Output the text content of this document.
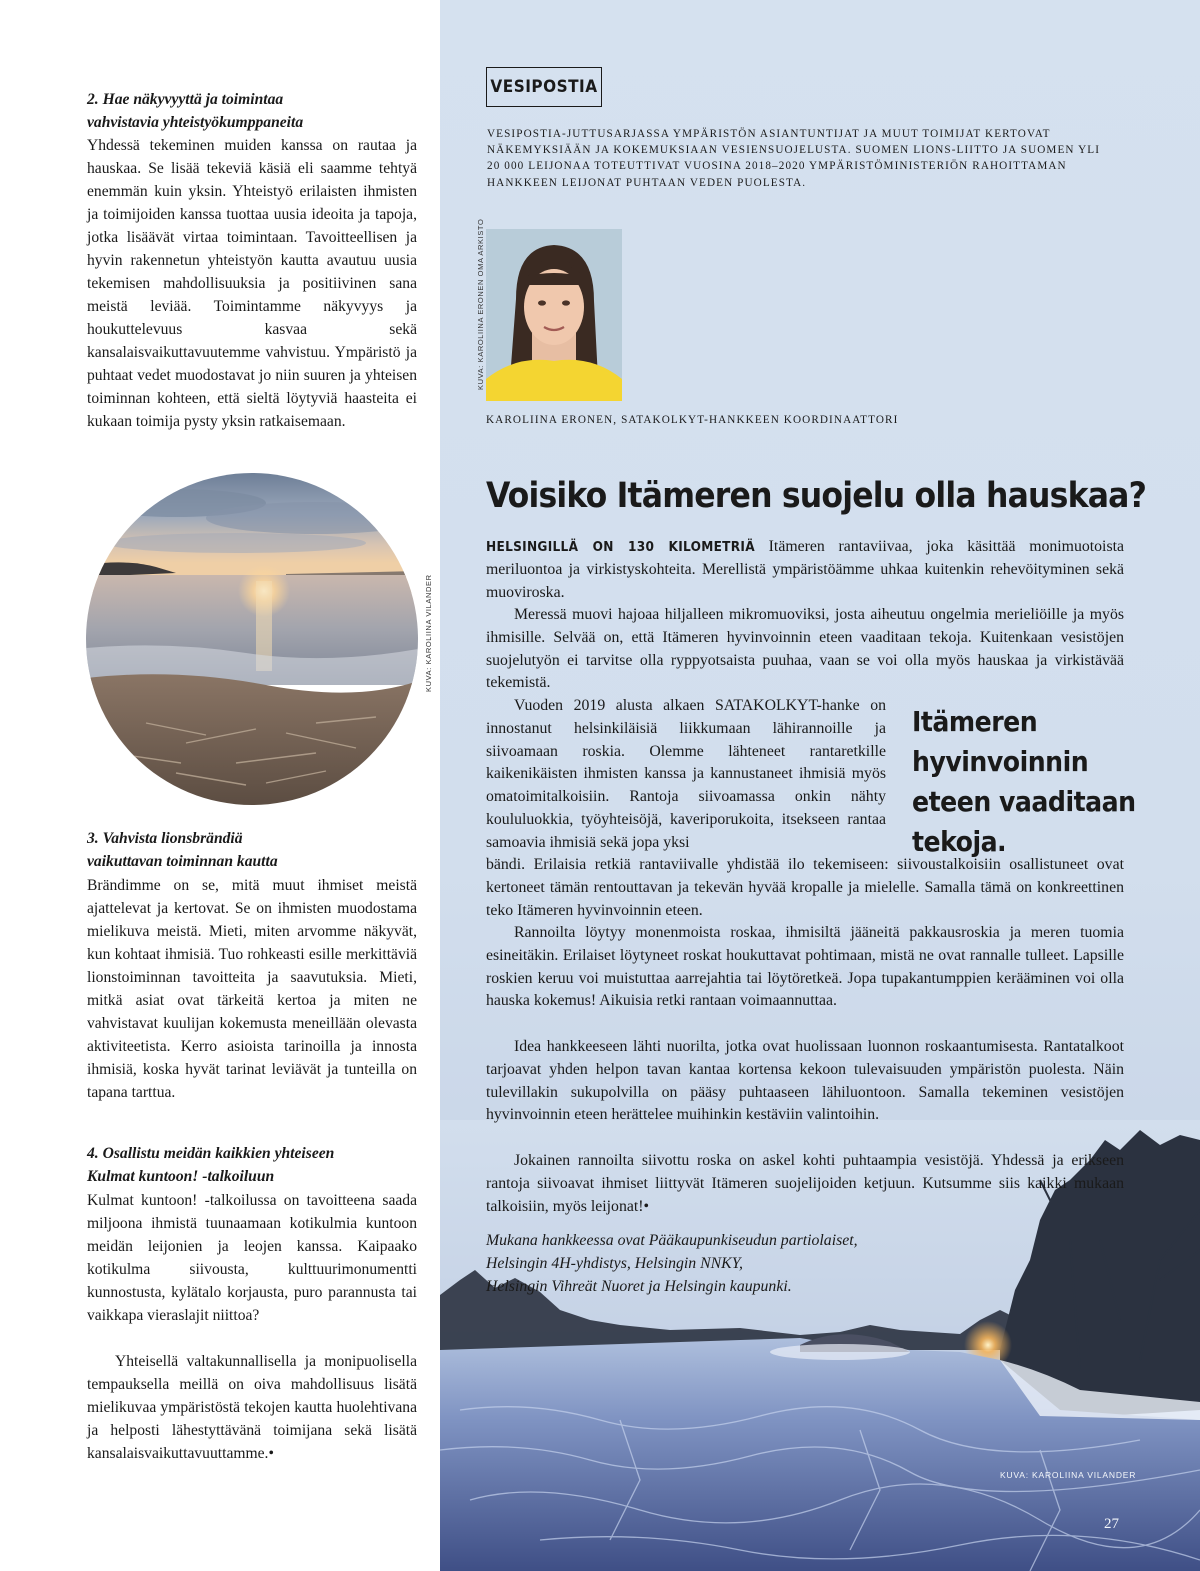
2. Hae näkyvyyttä ja toimintaa
vahvistavia yhteistyökumppaneita

Yhdessä tekeminen muiden kanssa on rautaa ja hauskaa. Se lisää tekeviä käsiä eli saamme tehtyä enemmän kuin yksin. Yhteistyö erilaisten ihmisten ja toimijoiden kanssa tuottaa uusia ideoita ja tapoja, jotka lisäävät virtaa toimintaan. Tavoitteellisen ja hyvin rakennetun yhteistyön kautta avautuu uusia tekemisen mahdollisuuksia ja positiivinen sana meistä leviää. Toimintamme näkyvyys ja houkuttelevuus kasvaa sekä kansalaisvaikuttavuutemme vahvistuu. Ympäristö ja puhtaat vedet muodostavat jo niin suuren ja yhteisen toiminnan kohteen, että sieltä löytyviä haasteita ei kukaan toimija pysty yksin ratkaisemaan.

KUVA: KAROLIINA VILANDER

3. Vahvista lionsbrändiä
vaikuttavan toiminnan kautta

Brändimme on se, mitä muut ihmiset meistä ajattelevat ja kertovat. Se on ihmisten muodostama mielikuva meistä. Mieti, miten arvomme näkyvät, kun kohtaat ihmisiä. Tuo rohkeasti esille merkittäviä lionstoiminnan tavoitteita ja saavutuksia. Mieti, mitkä asiat ovat tärkeitä kertoa ja miten ne vahvistavat kuulijan kokemusta meneillään olevasta aktiviteetista. Kerro asioista tarinoilla ja innosta ihmisiä, koska hyvät tarinat leviävät ja tunteilla on tapana tarttua.

4. Osallistu meidän kaikkien yhteiseen
Kulmat kuntoon! -talkoiluun

Kulmat kuntoon! -talkoilussa on tavoitteena saada miljoona ihmistä tuunaamaan kotikulmia kuntoon meidän leijonien ja leojen kanssa. Kaipaako kotikulma siivousta, kulttuurimonumentti kunnostusta, kylätalo korjausta, puro parannusta tai vaikkapa vieraslajit niittoa?

Yhteisellä valtakunnallisella ja monipuolisella tempauksella meillä on oiva mahdollisuus lisätä mielikuvaa ympäristöstä tekojen kautta huolehtivana ja helposti lähestyttävänä toimijana sekä lisätä kansalaisvaikuttavuuttamme.•

VESIPOSTIA

VESIPOSTIA-JUTTUSARJASSA YMPÄRISTÖN ASIANTUNTIJAT JA MUUT TOIMIJAT KERTOVAT NÄKEMYKSIÄÄN JA KOKEMUKSIAAN VESIENSUOJELUSTA. SUOMEN LIONS-LIITTO JA SUOMEN YLI 20 000 LEIJONAA TOTEUTTIVAT VUOSINA 2018–2020 YMPÄRISTÖMINISTERIÖN RAHOITTAMAN HANKKEEN LEIJONAT PUHTAAN VEDEN PUOLESTA.

KUVA: KAROLIINA ERONEN OMA ARKISTO
KAROLIINA ERONEN, SATAKOLKYT-HANKKEEN KOORDINAATTORI
Voisiko Itämeren suojelu olla hauskaa?

HELSINGILLÄ ON 130 KILOMETRIÄ Itämeren rantaviivaa, joka käsittää monimuotoista meriluontoa ja virkistyskohteita. Merellistä ympäristöämme uhkaa kuitenkin rehevöityminen sekä muoviroska.

Meressä muovi hajoaa hiljalleen mikromuoviksi, josta aiheutuu ongelmia merieliöille ja myös ihmisille. Selvää on, että Itämeren hyvinvoinnin eteen vaaditaan tekoja. Kuitenkaan vesistöjen suojelutyön ei tarvitse olla ryppyotsaista puuhaa, vaan se voi olla myös hauskaa ja virkistävää tekemistä.

Vuoden 2019 alusta alkaen SATAKOLKYT-hanke on innostanut helsinkiläisiä liikkumaan lähirannoille ja siivoamaan roskia. Olemme lähteneet rantaretkille kaikenikäisten ihmisten kanssa ja kannustaneet ihmisiä myös omatoimitalkoisiin. Rantoja siivoamassa onkin nähty koululuokkia, työyhteisöjä, kaveriporukoita, itsekseen rantaa samoavia ihmisiä sekä jopa yksi

Itämeren hyvinvoinnin eteen vaaditaan tekoja.

bändi. Erilaisia retkiä rantaviivalle yhdistää ilo tekemiseen: siivoustalkoisiin osallistuneet ovat kertoneet tämän rentouttavan ja tekevän hyvää kropalle ja mielelle. Samalla tämä on konkreettinen teko Itämeren hyvinvoinnin eteen.

Rannoilta löytyy monenmoista roskaa, ihmisiltä jääneitä pakkausroskia ja meren tuomia esineitäkin. Erilaiset löytyneet roskat houkuttavat pohtimaan, mistä ne ovat rannalle tulleet. Lapsille roskien keruu voi muistuttaa aarrejahtia tai löytöretkeä. Jopa tupakantumppien kerääminen voi olla hauska kokemus! Aikuisia retki rantaan voimaannuttaa.

Idea hankkeeseen lähti nuorilta, jotka ovat huolissaan luonnon roskaantumisesta. Rantatalkoot tarjoavat yhden helpon tavan kantaa kortensa kekoon tulevaisuuden ympäristön puolesta. Näin tulevillakin sukupolvilla on pääsy puhtaaseen lähiluontoon. Samalla tekeminen vesistöjen hyvinvoinnin eteen herättelee muihinkin kestäviin valintoihin.

Jokainen rannoilta siivottu roska on askel kohti puhtaampia vesistöjä. Yhdessä ja erikseen rantoja siivoavat ihmiset liittyvät Itämeren suojelijoiden ketjuun. Kutsumme siis kaikki mukaan talkoisiin, myös leijonat!•

Mukana hankkeessa ovat Pääkaupunkiseudun partiolaiset,
Helsingin 4H-yhdistys, Helsingin NNKY,
Helsingin Vihreät Nuoret ja Helsingin kaupunki.

KUVA: KAROLIINA VILANDER
27
